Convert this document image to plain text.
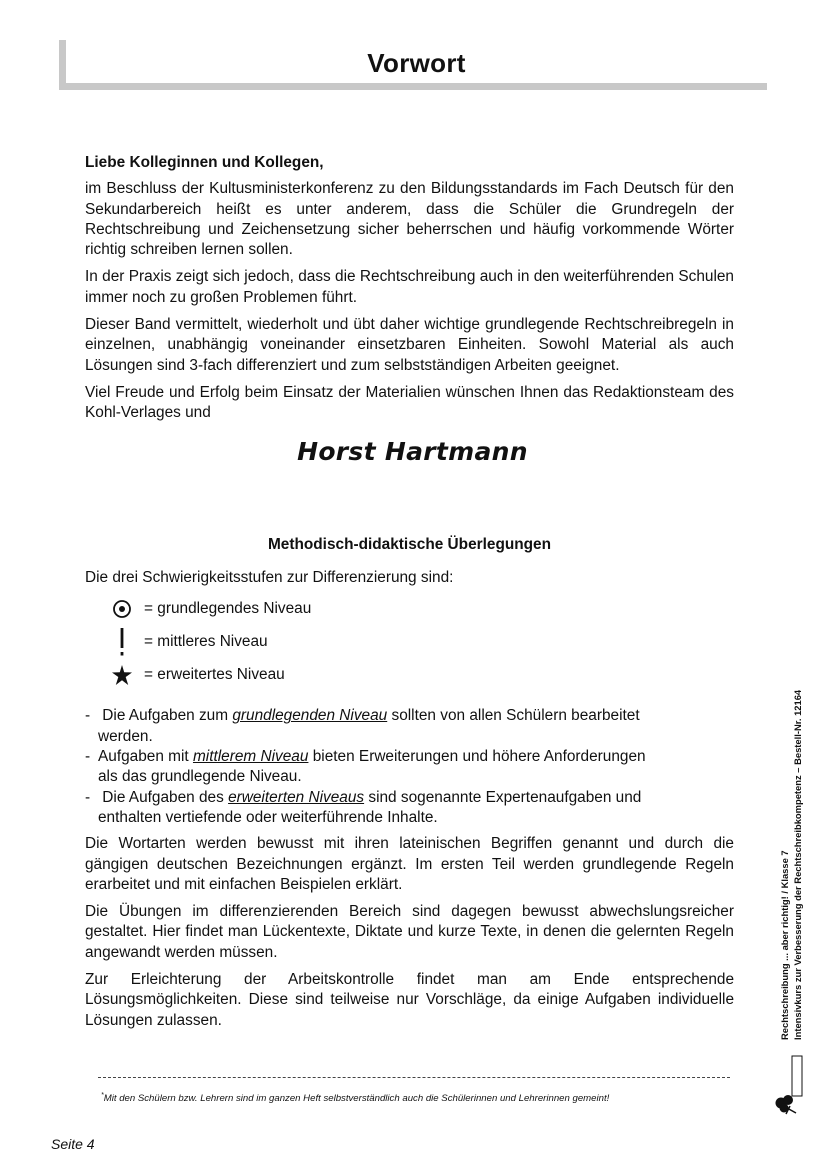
Vorwort
Liebe Kolleginnen und Kollegen,

im Beschluss der Kultusministerkonferenz zu den Bildungsstandards im Fach Deutsch für den Sekundarbereich heißt es unter anderem, dass die Schüler die Grundregeln der Rechtschreibung und Zeichensetzung sicher beherrschen und häufig vorkommende Wörter richtig schreiben lernen sollen.

In der Praxis zeigt sich jedoch, dass die Rechtschreibung auch in den weiterführenden Schulen immer noch zu großen Problemen führt.

Dieser Band vermittelt, wiederholt und übt daher wichtige grundlegende Rechtschreibregeln in einzelnen, unabhängig voneinander einsetzbaren Einheiten. Sowohl Material als auch Lösungen sind 3-fach differenziert und zum selbstständigen Arbeiten geeignet.

Viel Freude und Erfolg beim Einsatz der Materialien wünschen Ihnen das Redaktionsteam des Kohl-Verlages und

Horst Hartmann
Methodisch-didaktische Überlegungen

Die drei Schwierigkeitsstufen zur Differenzierung sind:

= grundlegendes Niveau
= mittleres Niveau
= erweitertes Niveau
- Die Aufgaben zum grundlegenden Niveau sollten von allen Schülern bearbeitet
werden.
- Aufgaben mit mittlerem Niveau bieten Erweiterungen und höhere Anforderungen
als das grundlegende Niveau.
- Die Aufgaben des erweiterten Niveaus sind sogenannte Expertenaufgaben und
enthalten vertiefende oder weiterführende Inhalte.

Die Wortarten werden bewusst mit ihren lateinischen Begriffen genannt und durch die gängigen deutschen Bezeichnungen ergänzt. Im ersten Teil werden grundlegende Regeln erarbeitet und mit einfachen Beispielen erklärt.

Die Übungen im differenzierenden Bereich sind dagegen bewusst abwechslungsreicher gestaltet. Hier findet man Lückentexte, Diktate und kurze Texte, in denen die gelernten Regeln angewandt werden müssen.

Zur Erleichterung der Arbeitskontrolle findet man am Ende entsprechende Lösungsmöglichkeiten. Diese sind teilweise nur Vorschläge, da einige Aufgaben individuelle Lösungen zulassen.

*Mit den Schülern bzw. Lehrern sind im ganzen Heft selbstverständlich auch die Schülerinnen und Lehrerinnen gemeint!
Rechtschreibung ... aber richtig! / Klasse 7 Intensivkurs zur Verbesserung der Rechtschreibkompetenz – Bestell-Nr. 12164
Seite 4
